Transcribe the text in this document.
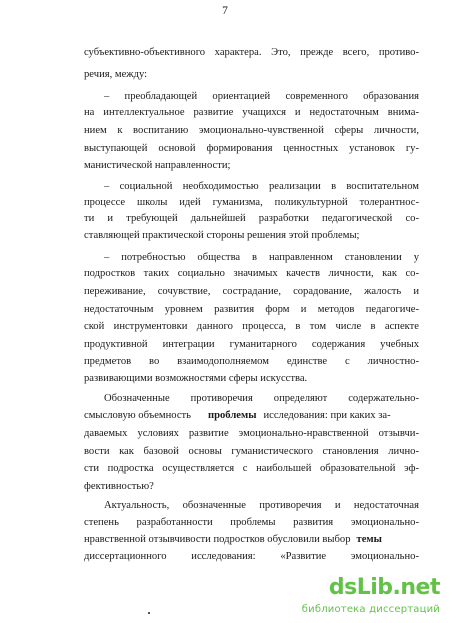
7
субъективно-объективного характера. Это, прежде всего, противо-
речия, между:
– преобладающей ориентацией современного образования
на интеллектуальное развитие учащихся и недостаточным внима-
нием к воспитанию эмоционально-чувственной сферы личности,
выступающей основой формирования ценностных установок гу-
манистической направленности;
– социальной необходимостью реализации в воспитательном
процессе школы идей гуманизма, поликультурной толерантнос-
ти и требующей дальнейшей разработки педагогической со-
ставляющей практической стороны решения этой проблемы;
– потребностью общества в направленном становлении у
подростков таких социально значимых качеств личности, как со-
переживание, сочувствие, сострадание, сорадование, жалость и
недостаточным уровнем развития форм и методов педагогиче-
ской инструментовки данного процесса, в том числе в аспекте
продуктивной интеграции гуманитарного содержания учебных
предметов во взаимодополняемом единстве с личностно-
развивающими возможностями сферы искусства.
Обозначенные противоречия определяют содержательно-
смысловую объемность проблемы исследования: при каких за-
даваемых условиях развитие эмоционально-нравственной отзывчи-
вости как базовой основы гуманистического становления лично-
сти подростка осуществляется с наибольшей образовательной эф-
фективностью?
Актуальность, обозначенные противоречия и недостаточная
степень разработанности проблемы развития эмоционально-
нравственной отзывчивости подростков обусловили выбор темы
диссертационного исследования: «Развитие эмоционально-
dsLib.net
библиотека диссертаций
